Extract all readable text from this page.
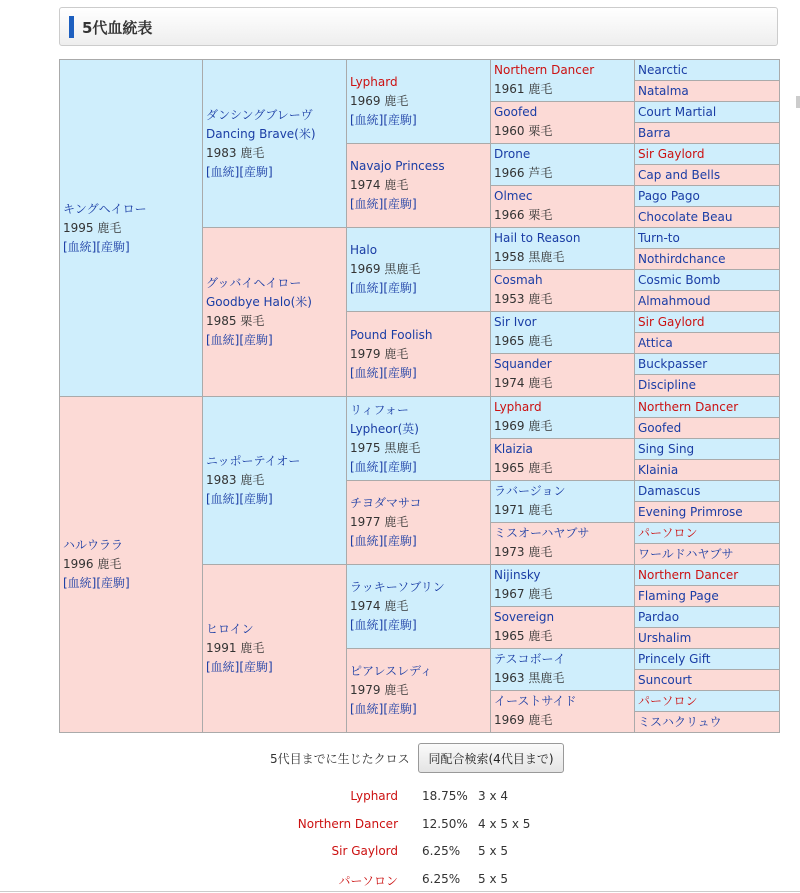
5代血統表
キングヘイロー
1995 鹿毛
[血統][産駒]
ハルウララ
1996 鹿毛
[血統][産駒]
ダンシングブレーヴ
Dancing Brave(米)
1983 鹿毛
[血統][産駒]
グッバイヘイロー
Goodbye Halo(米)
1985 栗毛
[血統][産駒]
ニッポーテイオー
1983 鹿毛
[血統][産駒]
ヒロイン
1991 鹿毛
[血統][産駒]
Lyphard
1969 鹿毛
[血統][産駒]
Navajo Princess
1974 鹿毛
[血統][産駒]
Halo
1969 黒鹿毛
[血統][産駒]
Pound Foolish
1979 鹿毛
[血統][産駒]
リィフォー
Lypheor(英)
1975 黒鹿毛
[血統][産駒]
チヨダマサコ
1977 鹿毛
[血統][産駒]
ラッキーソブリン
1974 鹿毛
[血統][産駒]
ピアレスレディ
1979 鹿毛
[血統][産駒]
Northern Dancer
1961 鹿毛
Goofed
1960 栗毛
Drone
1966 芦毛
Olmec
1966 栗毛
Hail to Reason
1958 黒鹿毛
Cosmah
1953 鹿毛
Sir Ivor
1965 鹿毛
Squander
1974 鹿毛
Lyphard
1969 鹿毛
Klaizia
1965 鹿毛
ラバージョン
1971 鹿毛
ミスオーハヤブサ
1973 鹿毛
Nijinsky
1967 鹿毛
Sovereign
1965 鹿毛
テスコボーイ
1963 黒鹿毛
イーストサイド
1969 鹿毛
Nearctic
Natalma
Court Martial
Barra
Sir Gaylord
Cap and Bells
Pago Pago
Chocolate Beau
Turn-to
Nothirdchance
Cosmic Bomb
Almahmoud
Sir Gaylord
Attica
Buckpasser
Discipline
Northern Dancer
Goofed
Sing Sing
Klainia
Damascus
Evening Primrose
パーソロン
ワールドハヤブサ
Northern Dancer
Flaming Page
Pardao
Urshalim
Princely Gift
Suncourt
パーソロン
ミスハクリュウ
5代目までに生じたクロス	同配合検索(4代目まで)
Lyphard 18.75% 3 x 4
Northern Dancer 12.50% 4 x 5 x 5
Sir Gaylord 6.25% 5 x 5
パーソロン 6.25% 5 x 5
